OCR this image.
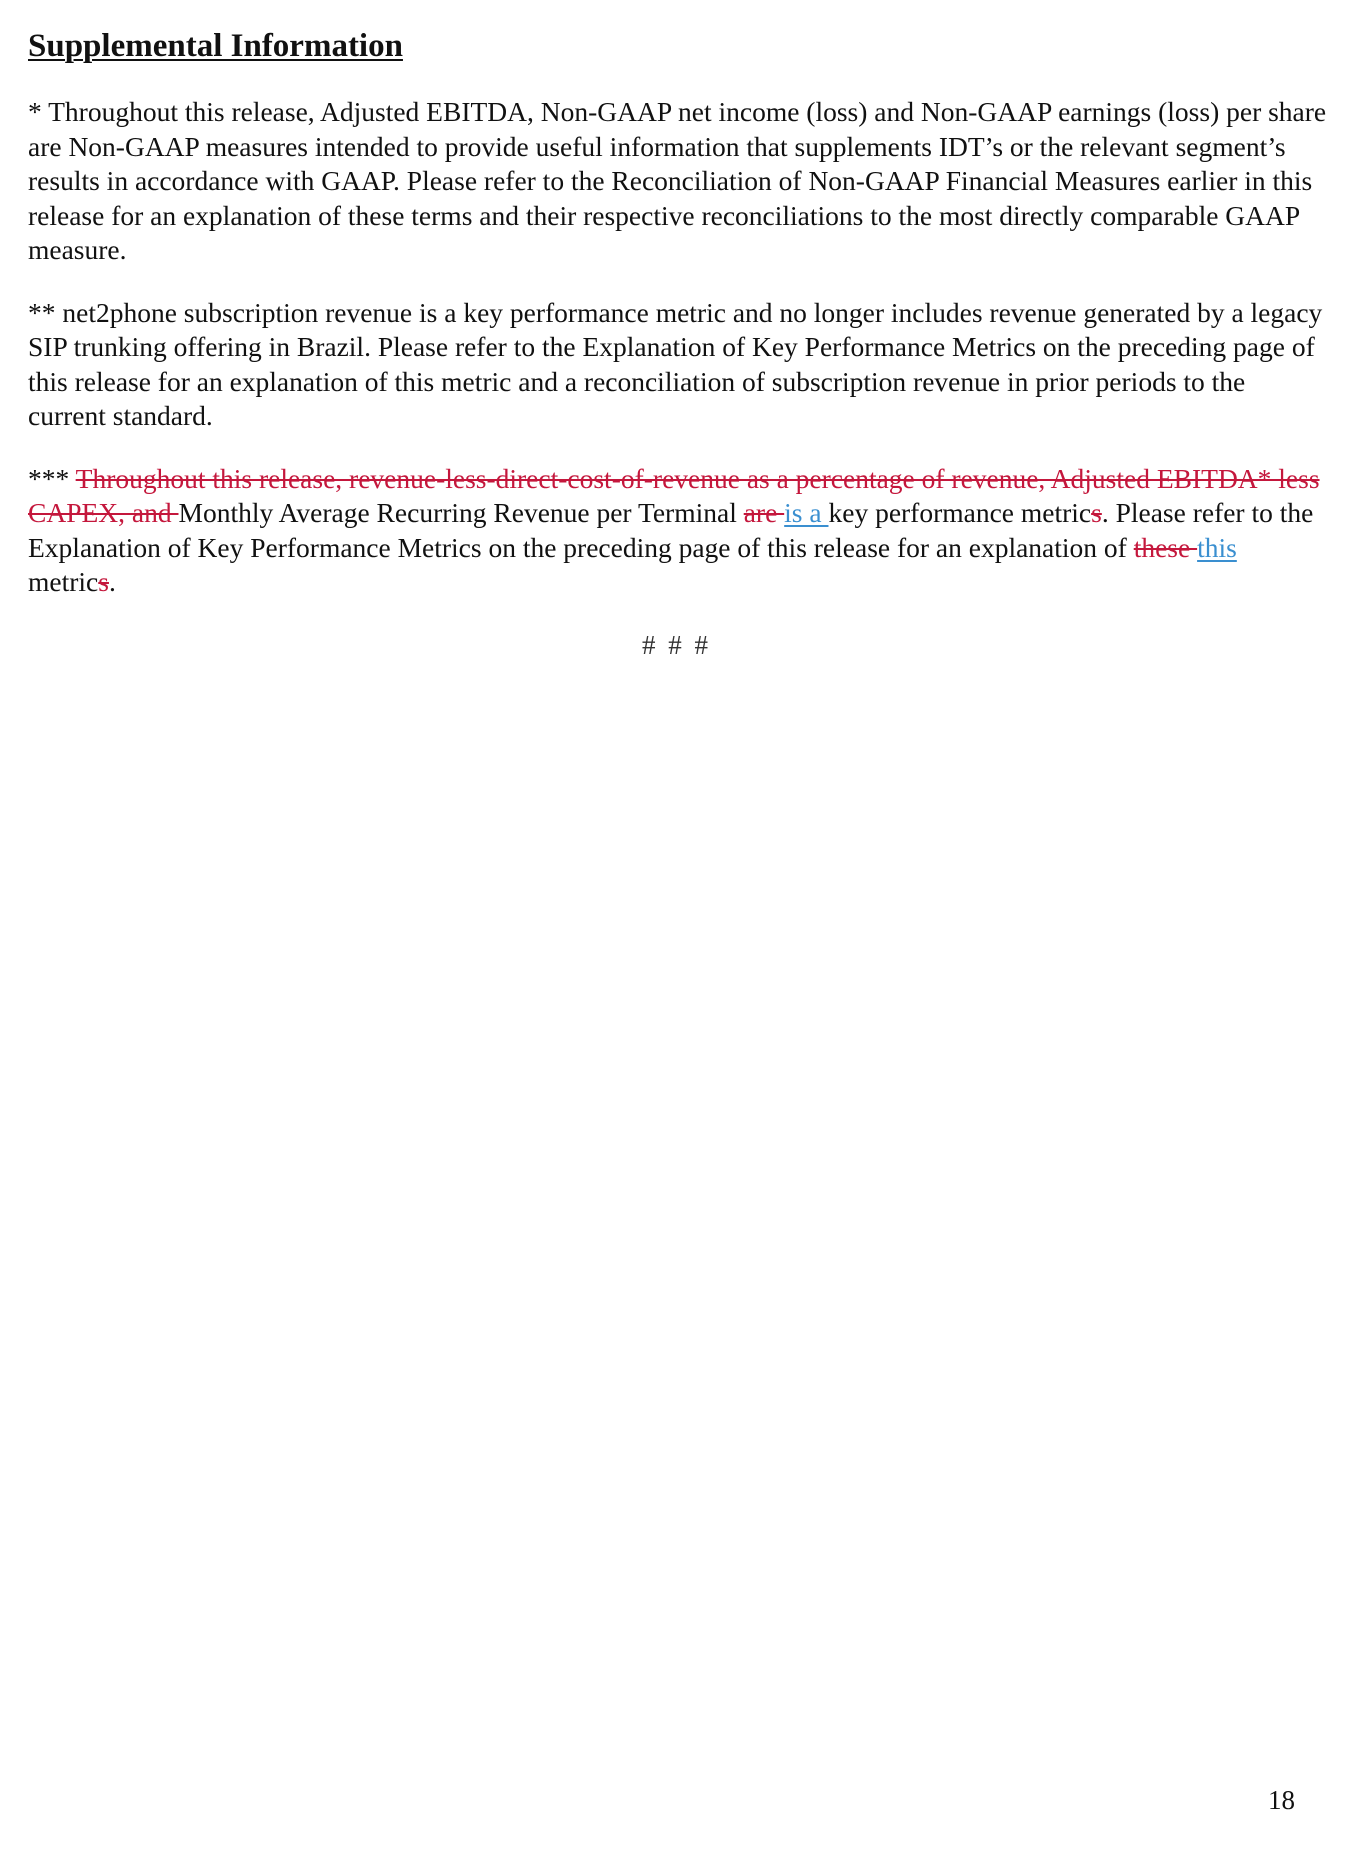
Supplemental Information

* Throughout this release, Adjusted EBITDA, Non-GAAP net income (loss) and Non-GAAP earnings (loss) per share are Non-GAAP measures intended to provide useful information that supplements IDT’s or the relevant segment’s results in accordance with GAAP. Please refer to the Reconciliation of Non-GAAP Financial Measures earlier in this release for an explanation of these terms and their respective reconciliations to the most directly comparable GAAP measure.

** net2phone subscription revenue is a key performance metric and no longer includes revenue generated by a legacy SIP trunking offering in Brazil. Please refer to the Explanation of Key Performance Metrics on the preceding page of this release for an explanation of this metric and a reconciliation of subscription revenue in prior periods to the current standard.

*** Throughout this release, revenue-less-direct-cost-of-revenue as a percentage of revenue, Adjusted EBITDA* less CAPEX, and Monthly Average Recurring Revenue per Terminal are is a key performance metrics. Please refer to the Explanation of Key Performance Metrics on the preceding page of this release for an explanation of these this metrics.

# # #
18
